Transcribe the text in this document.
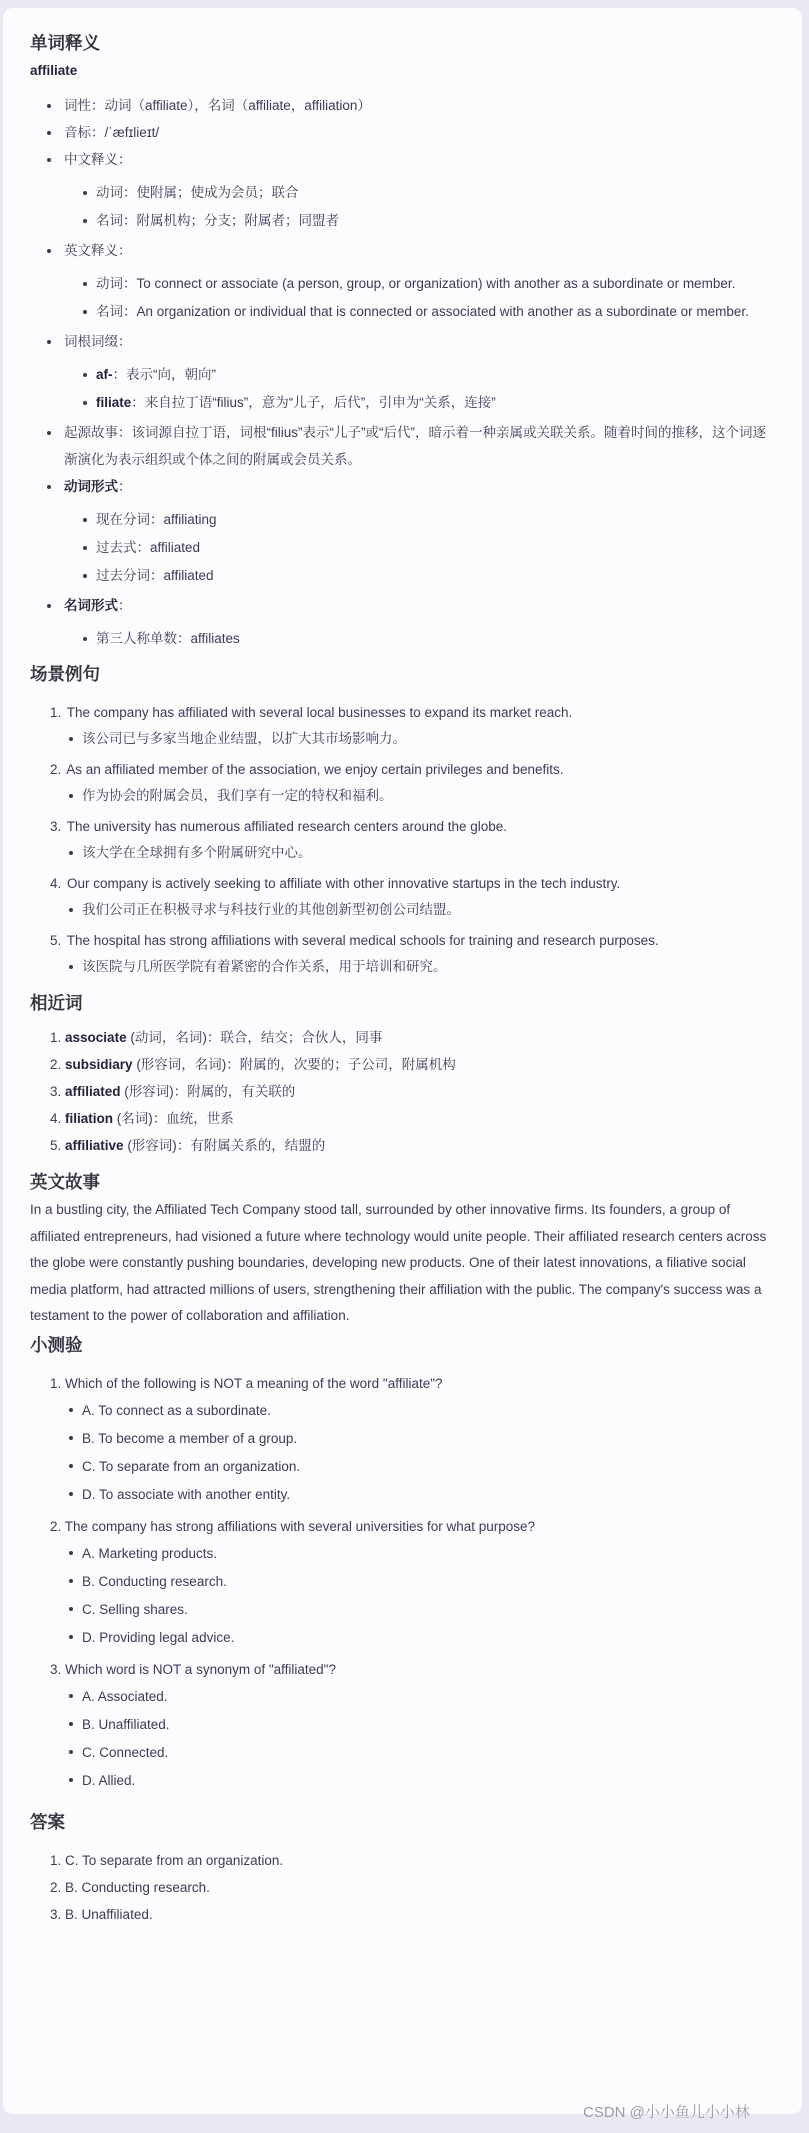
单词释义
affiliate
词性：动词（affiliate），名词（affiliate，affiliation）
音标：/ˈæfɪlieɪt/
中文释义：
动词：使附属；使成为会员；联合
名词：附属机构；分支；附属者；同盟者
英文释义：
动词：To connect or associate (a person, group, or organization) with another as a subordinate or member.
名词：An organization or individual that is connected or associated with another as a subordinate or member.
词根词缀：
af-：表示“向，朝向”
filiate：来自拉丁语“filius”，意为“儿子，后代”，引申为“关系，连接”
起源故事：该词源自拉丁语，词根“filius”表示“儿子”或“后代”，暗示着一种亲属或关联关系。随着时间的推移，这个词逐渐演化为表示组织或个体之间的附属或会员关系。
动词形式：
现在分词：affiliating
过去式：affiliated
过去分词：affiliated
名词形式：
第三人称单数：affiliates
场景例句
1. The company has affiliated with several local businesses to expand its market reach.
该公司已与多家当地企业结盟，以扩大其市场影响力。
2. As an affiliated member of the association, we enjoy certain privileges and benefits.
作为协会的附属会员，我们享有一定的特权和福利。
3. The university has numerous affiliated research centers around the globe.
该大学在全球拥有多个附属研究中心。
4. Our company is actively seeking to affiliate with other innovative startups in the tech industry.
我们公司正在积极寻求与科技行业的其他创新型初创公司结盟。
5. The hospital has strong affiliations with several medical schools for training and research purposes.
该医院与几所医学院有着紧密的合作关系，用于培训和研究。
相近词
1. associate (动词，名词)：联合，结交；合伙人，同事
2. subsidiary (形容词，名词)：附属的，次要的；子公司，附属机构
3. affiliated (形容词)：附属的，有关联的
4. filiation (名词)：血统，世系
5. affiliative (形容词)：有附属关系的，结盟的
英文故事

In a bustling city, the Affiliated Tech Company stood tall, surrounded by other innovative firms. Its founders, a group of affiliated entrepreneurs, had visioned a future where technology would unite people. Their affiliated research centers across the globe were constantly pushing boundaries, developing new products. One of their latest innovations, a filiative social media platform, had attracted millions of users, strengthening their affiliation with the public. The company's success was a testament to the power of collaboration and affiliation.

小测验
1. Which of the following is NOT a meaning of the word "affiliate"?
A. To connect as a subordinate.
B. To become a member of a group.
C. To separate from an organization.
D. To associate with another entity.
2. The company has strong affiliations with several universities for what purpose?
A. Marketing products.
B. Conducting research.
C. Selling shares.
D. Providing legal advice.
3. Which word is NOT a synonym of "affiliated"?
A. Associated.
B. Unaffiliated.
C. Connected.
D. Allied.
答案
1. C. To separate from an organization.
2. B. Conducting research.
3. B. Unaffiliated.
CSDN @小小鱼儿小小林
